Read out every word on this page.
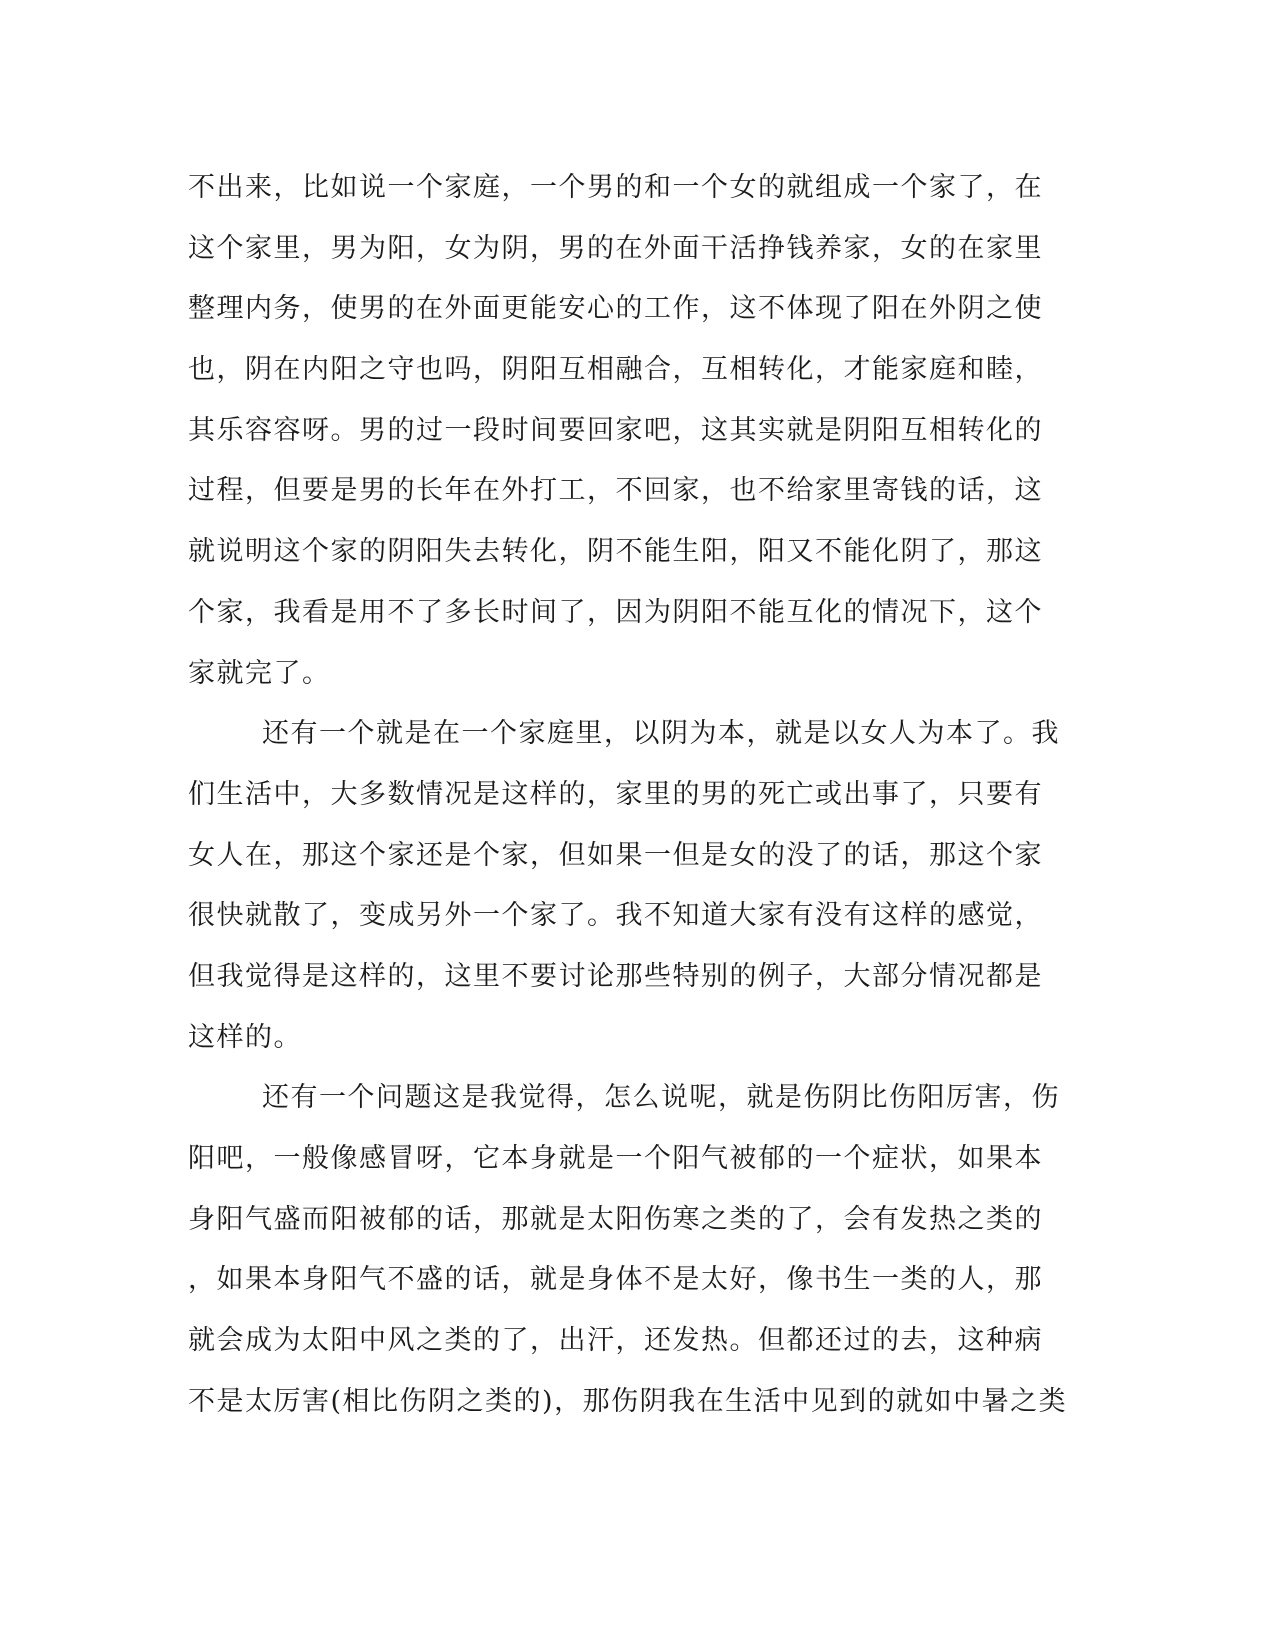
不出来，比如说一个家庭，一个男的和一个女的就组成一个家了，在
这个家里，男为阳，女为阴，男的在外面干活挣钱养家，女的在家里
整理内务，使男的在外面更能安心的工作，这不体现了阳在外阴之使
也，阴在内阳之守也吗，阴阳互相融合，互相转化，才能家庭和睦，
其乐容容呀。男的过一段时间要回家吧，这其实就是阴阳互相转化的
过程，但要是男的长年在外打工，不回家，也不给家里寄钱的话，这
就说明这个家的阴阳失去转化，阴不能生阳，阳又不能化阴了，那这
个家，我看是用不了多长时间了，因为阴阳不能互化的情况下，这个
家就完了。
还有一个就是在一个家庭里，以阴为本，就是以女人为本了。我
们生活中，大多数情况是这样的，家里的男的死亡或出事了，只要有
女人在，那这个家还是个家，但如果一但是女的没了的话，那这个家
很快就散了，变成另外一个家了。我不知道大家有没有这样的感觉，
但我觉得是这样的，这里不要讨论那些特别的例子，大部分情况都是
这样的。
还有一个问题这是我觉得，怎么说呢，就是伤阴比伤阳厉害，伤
阳吧，一般像感冒呀，它本身就是一个阳气被郁的一个症状，如果本
身阳气盛而阳被郁的话，那就是太阳伤寒之类的了，会有发热之类的
，如果本身阳气不盛的话，就是身体不是太好，像书生一类的人，那
就会成为太阳中风之类的了，出汗，还发热。但都还过的去，这种病
不是太厉害(相比伤阴之类的)，那伤阴我在生活中见到的就如中暑之类
